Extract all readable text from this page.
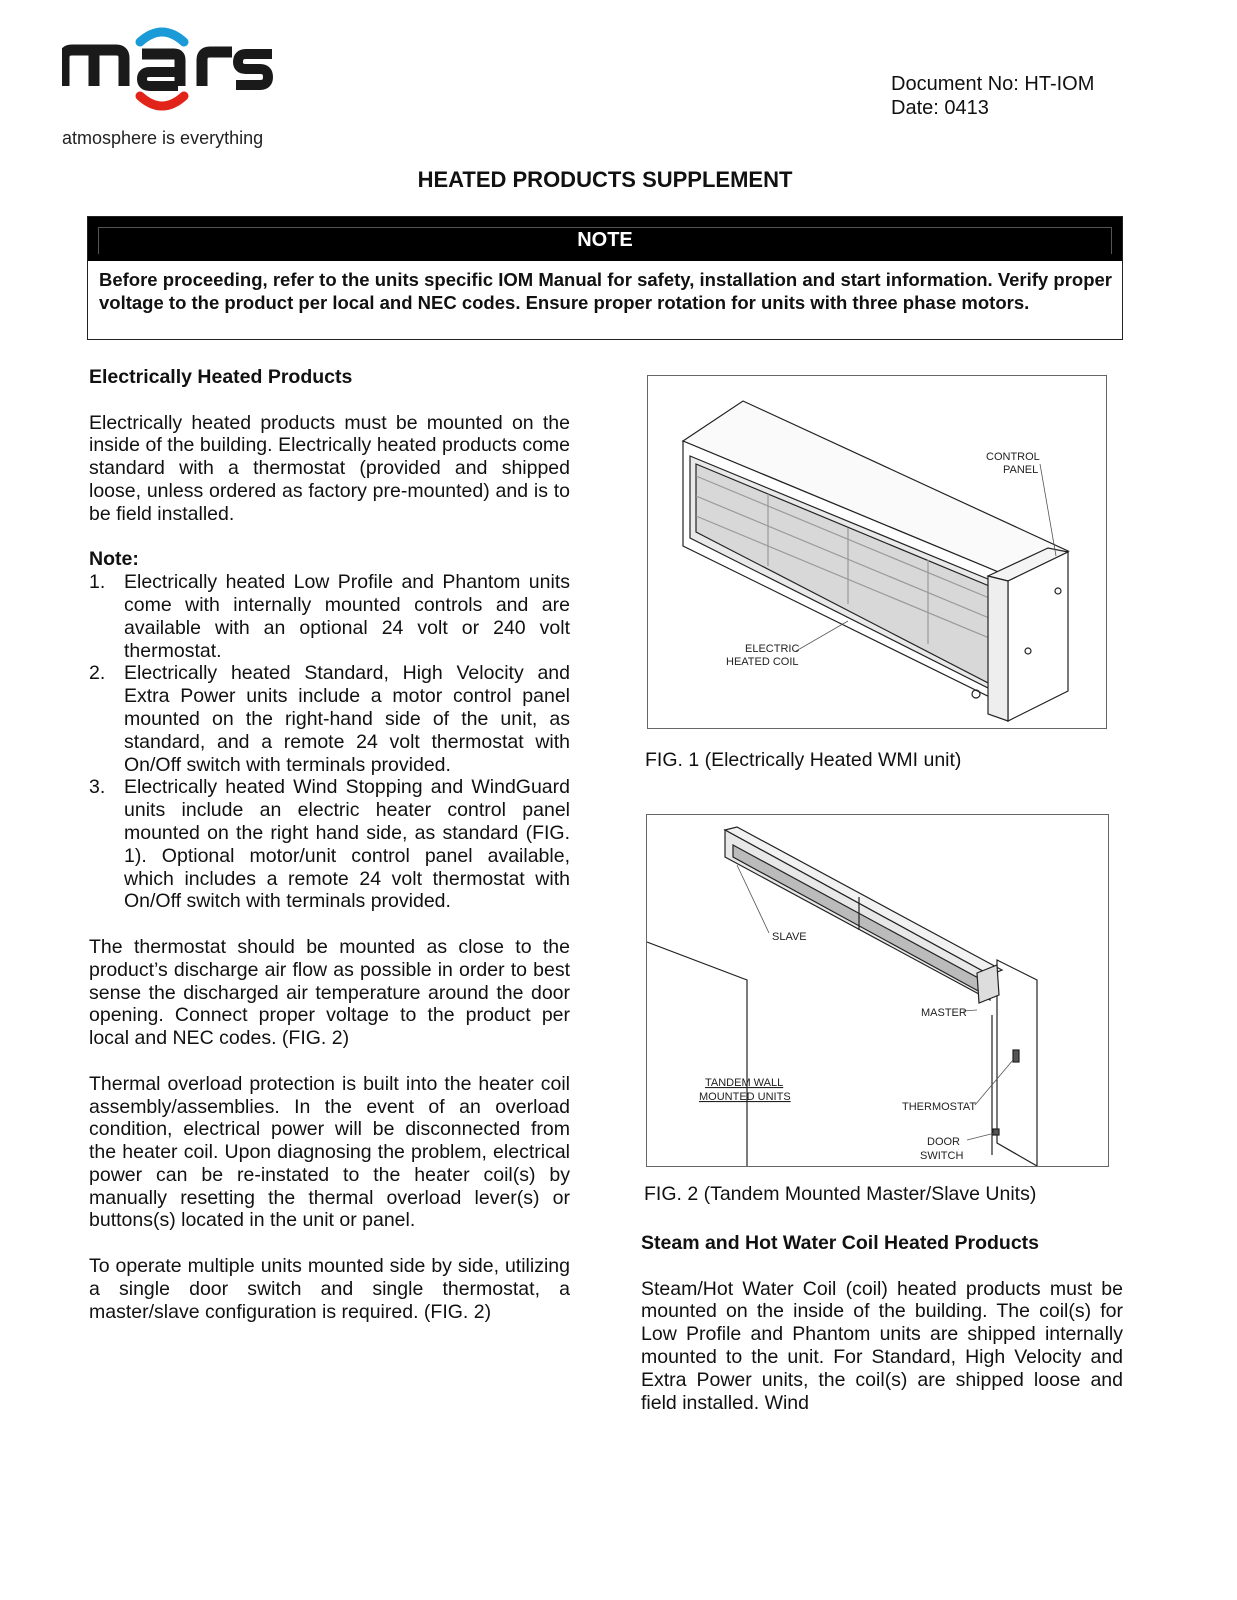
atmosphere is everything
Document No: HT-IOM
Date: 0413
HEATED PRODUCTS SUPPLEMENT
NOTE
Before proceeding, refer to the units specific IOM Manual for safety, installation and start information. Verify proper voltage to the product per local and NEC codes. Ensure proper rotation for units with three phase motors.

Electrically Heated Products

Electrically heated products must be mounted on the inside of the building. Electrically heated products come standard with a thermostat (provided and shipped loose, unless ordered as factory pre-mounted) and is to be field installed.

Note:

1. Electrically heated Low Profile and Phantom units come with internally mounted controls and are available with an optional 24 volt or 240 volt thermostat.
2. Electrically heated Standard, High Velocity and Extra Power units include a motor control panel mounted on the right-hand side of the unit, as standard, and a remote 24 volt thermostat with On/Off switch with terminals provided.
3. Electrically heated Wind Stopping and WindGuard units include an electric heater control panel mounted on the right hand side, as standard (FIG. 1). Optional motor/unit control panel available, which includes a remote 24 volt thermostat with On/Off switch with terminals provided.

The thermostat should be mounted as close to the product’s discharge air flow as possible in order to best sense the discharged air temperature around the door opening. Connect proper voltage to the product per local and NEC codes. (FIG. 2)

Thermal overload protection is built into the heater coil assembly/assemblies. In the event of an overload condition, electrical power will be disconnected from the heater coil. Upon diagnosing the problem, electrical power can be re-instated to the heater coil(s) by manually resetting the thermal overload lever(s) or buttons(s) located in the unit or panel.

To operate multiple units mounted side by side, utilizing a single door switch and single thermostat, a master/slave configuration is required. (FIG. 2)

CONTROL
PANEL
ELECTRIC
HEATED COIL
FIG. 1 (Electrically Heated WMI unit)
SLAVE
MASTER
TANDEM WALL
MOUNTED UNITS
THERMOSTAT
DOOR
SWITCH
FIG. 2 (Tandem Mounted Master/Slave Units)

Steam and Hot Water Coil Heated Products

Steam/Hot Water Coil (coil) heated products must be mounted on the inside of the building. The coil(s) for Low Profile and Phantom units are shipped internally mounted to the unit. For Standard, High Velocity and Extra Power units, the coil(s) are shipped loose and field installed. Wind
